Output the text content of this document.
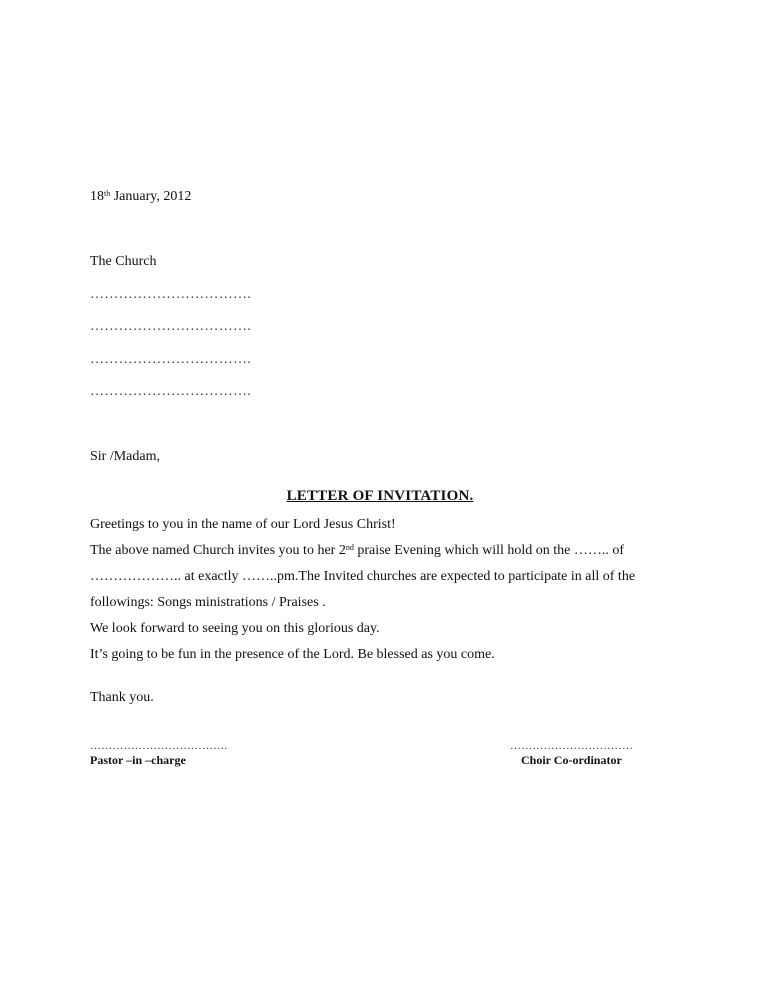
18th January, 2012
The Church
…………………………….
…………………………….
…………………………….
…………………………….
Sir /Madam,
LETTER OF INVITATION.
Greetings to you in the name of our Lord Jesus Christ!
The above named Church invites you to her 2nd praise Evening which will hold on the …….. of
……………….. at exactly ……..pm.The Invited churches are expected to participate in all of the
followings: Songs ministrations / Praises .
We look forward to seeing you on this glorious day.
It’s going to be fun in the presence of the Lord. Be blessed as you come.
Thank you.
……………………………….
Pastor –in –charge
……………………………
Choir Co-ordinator
